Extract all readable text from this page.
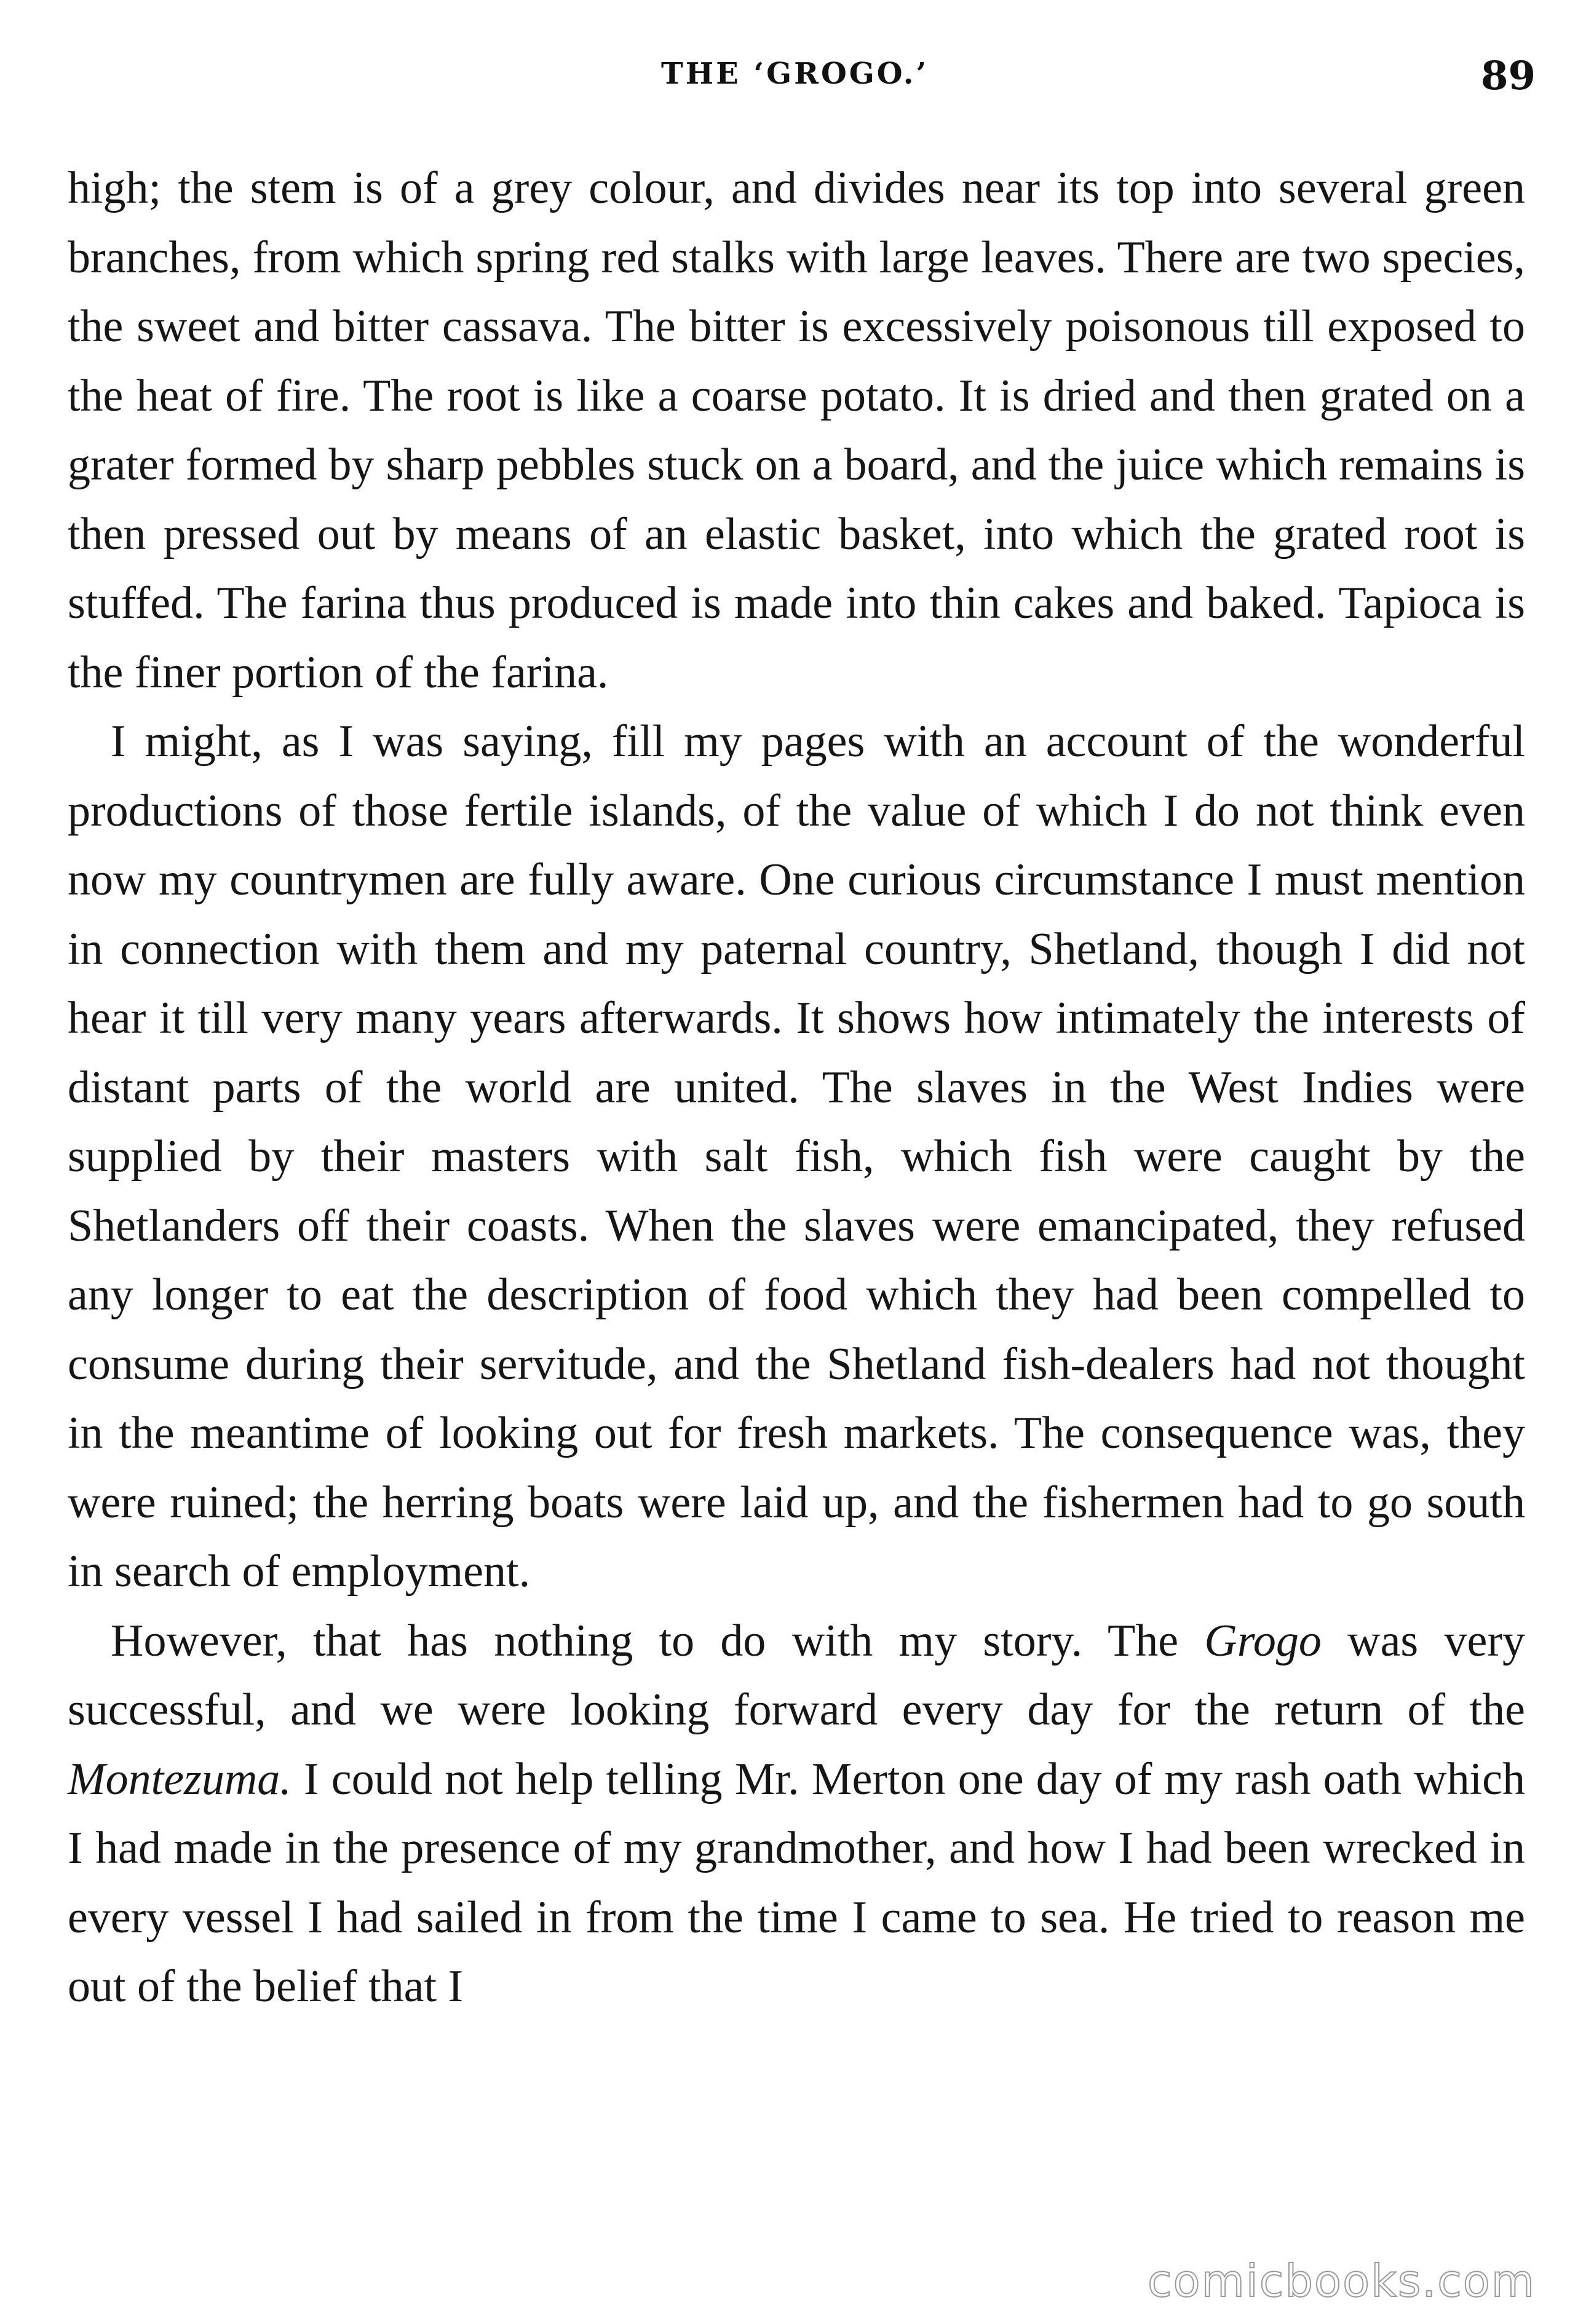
THE ‘GROGO.’	89

high; the stem is of a grey colour, and divides near its top into several green branches, from which spring red stalks with large leaves. There are two species, the sweet and bitter cassava. The bitter is excessively poisonous till exposed to the heat of fire. The root is like a coarse potato. It is dried and then grated on a grater formed by sharp pebbles stuck on a board, and the juice which remains is then pressed out by means of an elastic basket, into which the grated root is stuffed. The farina thus produced is made into thin cakes and baked. Tapioca is the finer portion of the farina.

I might, as I was saying, fill my pages with an account of the wonderful productions of those fertile islands, of the value of which I do not think even now my countrymen are fully aware. One curious circumstance I must mention in connection with them and my paternal country, Shetland, though I did not hear it till very many years afterwards. It shows how intimately the interests of distant parts of the world are united. The slaves in the West Indies were supplied by their masters with salt fish, which fish were caught by the Shetlanders off their coasts. When the slaves were emancipated, they refused any longer to eat the description of food which they had been compelled to consume during their servitude, and the Shetland fish-dealers had not thought in the meantime of looking out for fresh markets. The consequence was, they were ruined; the herring boats were laid up, and the fishermen had to go south in search of employment.

However, that has nothing to do with my story. The Grogo was very successful, and we were looking forward every day for the return of the Montezuma. I could not help telling Mr. Merton one day of my rash oath which I had made in the presence of my grandmother, and how I had been wrecked in every vessel I had sailed in from the time I came to sea. He tried to reason me out of the belief that I

comicbooks.com
